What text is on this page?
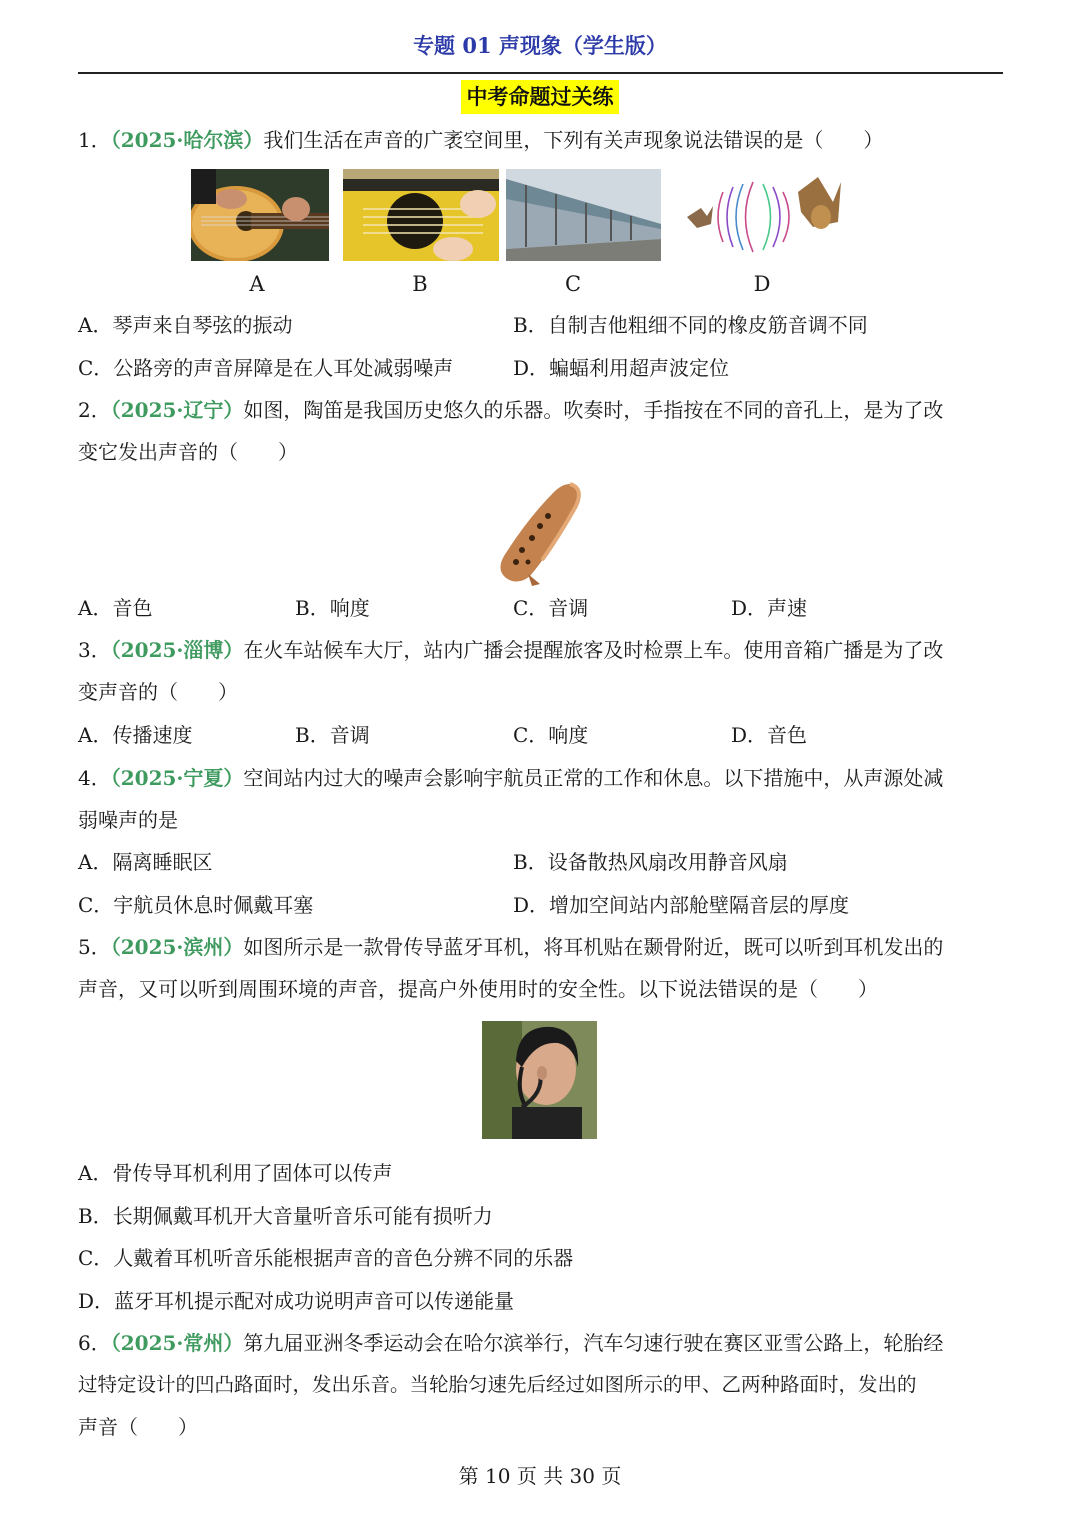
专题 01 声现象（学生版）
中考命题过关练
1．（2025·哈尔滨）我们生活在声音的广袤空间里，下列有关声现象说法错误的是（　　）
A	B	C	D
A．琴声来自琴弦的振动	B．自制吉他粗细不同的橡皮筋音调不同
C．公路旁的声音屏障是在人耳处减弱噪声	D．蝙蝠利用超声波定位
2．（2025·辽宁）如图，陶笛是我国历史悠久的乐器。吹奏时，手指按在不同的音孔上，是为了改
变它发出声音的（　　）
A．音色	B．响度	C．音调	D．声速
3．（2025·淄博）在火车站候车大厅，站内广播会提醒旅客及时检票上车。使用音箱广播是为了改
变声音的（　　）
A．传播速度	B．音调	C．响度	D．音色
4．（2025·宁夏）空间站内过大的噪声会影响宇航员正常的工作和休息。以下措施中，从声源处减
弱噪声的是
A．隔离睡眠区	B．设备散热风扇改用静音风扇
C．宇航员休息时佩戴耳塞	D．增加空间站内部舱壁隔音层的厚度
5．（2025·滨州）如图所示是一款骨传导蓝牙耳机，将耳机贴在颞骨附近，既可以听到耳机发出的
声音，又可以听到周围环境的声音，提高户外使用时的安全性。以下说法错误的是（　　）
A．骨传导耳机利用了固体可以传声
B．长期佩戴耳机开大音量听音乐可能有损听力
C．人戴着耳机听音乐能根据声音的音色分辨不同的乐器
D．蓝牙耳机提示配对成功说明声音可以传递能量
6．（2025·常州）第九届亚洲冬季运动会在哈尔滨举行，汽车匀速行驶在赛区亚雪公路上，轮胎经
过特定设计的凹凸路面时，发出乐音。当轮胎匀速先后经过如图所示的甲、乙两种路面时，发出的
声音（　　）
第 10 页 共 30 页
